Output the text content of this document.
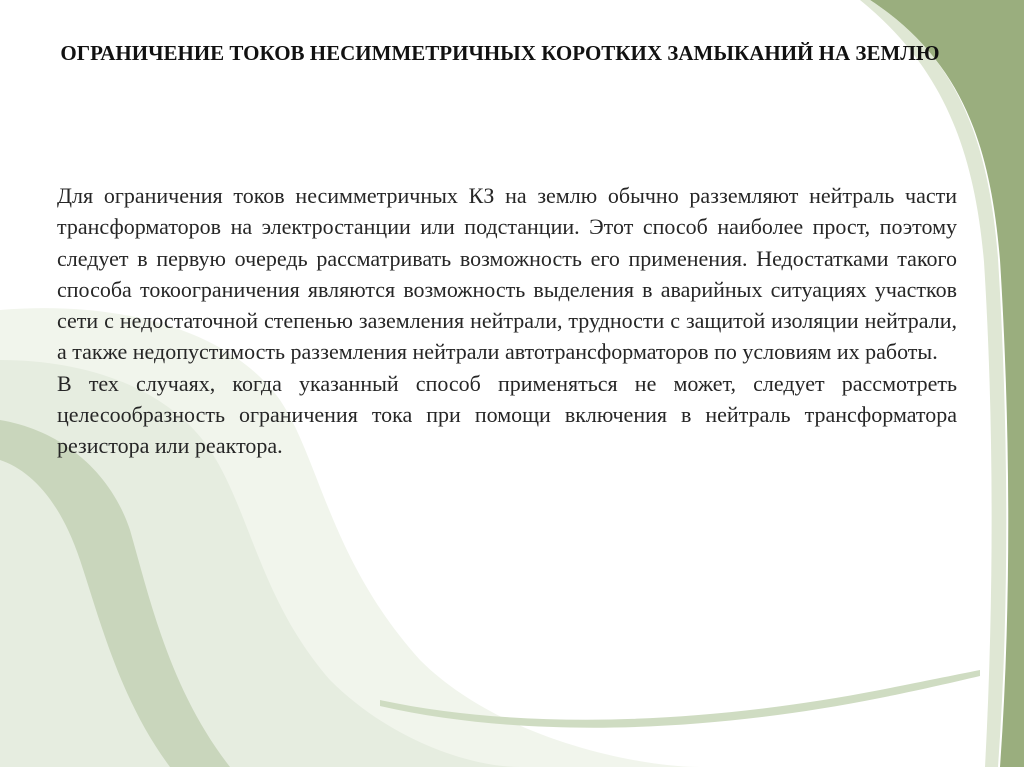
ОГРАНИЧЕНИЕ ТОКОВ НЕСИММЕТРИЧНЫХ КОРОТКИХ ЗАМЫКАНИЙ НА ЗЕМЛЮ

Для ограничения токов несимметричных КЗ на землю обычно разземляют нейтраль части трансформаторов на электростанции или подстанции. Этот способ наиболее прост, поэтому следует в первую очередь рассматривать возможность его применения. Недостатками такого способа токоограничения являются возможность выделения в аварийных ситуациях участков сети с недостаточной степенью заземления нейтрали, трудности с защитой изоляции нейтрали, а также недопустимость разземления нейтрали автотрансформаторов по условиям их работы.

В тех случаях, когда указанный способ применяться не может, следует рассмотреть целесообразность ограничения тока при помощи включения в нейтраль трансформатора резистора или реактора.
